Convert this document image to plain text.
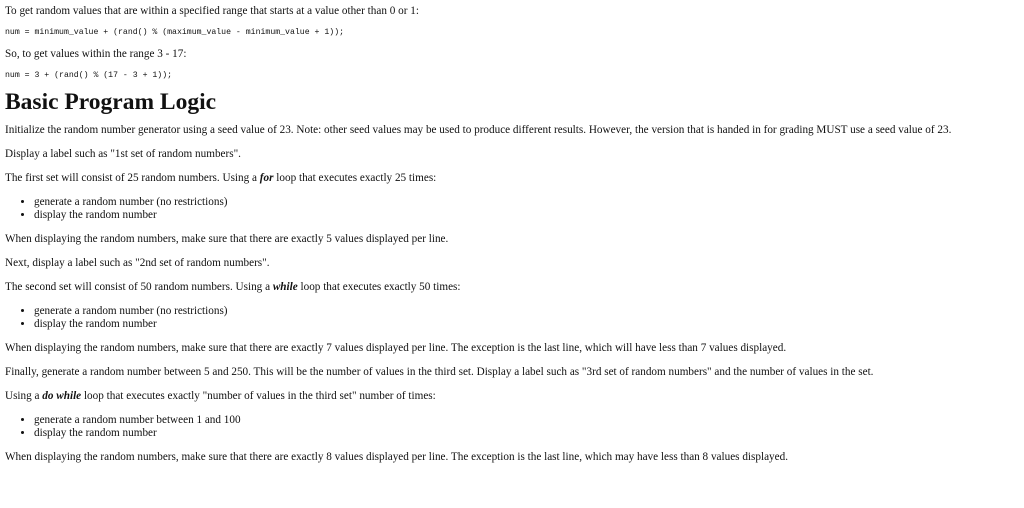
To get random values that are within a specified range that starts at a value other than 0 or 1:

num = minimum_value + (rand() % (maximum_value - minimum_value + 1));

So, to get values within the range 3 - 17:

num = 3 + (rand() % (17 - 3 + 1));
Basic Program Logic

Initialize the random number generator using a seed value of 23. Note: other seed values may be used to produce different results. However, the version that is handed in for grading MUST use a seed value of 23.

Display a label such as "1st set of random numbers".

The first set will consist of 25 random numbers. Using a for loop that executes exactly 25 times:

• generate a random number (no restrictions)
• display the random number

When displaying the random numbers, make sure that there are exactly 5 values displayed per line.

Next, display a label such as "2nd set of random numbers".

The second set will consist of 50 random numbers. Using a while loop that executes exactly 50 times:

• generate a random number (no restrictions)
• display the random number

When displaying the random numbers, make sure that there are exactly 7 values displayed per line. The exception is the last line, which will have less than 7 values displayed.

Finally, generate a random number between 5 and 250. This will be the number of values in the third set. Display a label such as "3rd set of random numbers" and the number of values in the set.

Using a do while loop that executes exactly "number of values in the third set" number of times:

• generate a random number between 1 and 100
• display the random number

When displaying the random numbers, make sure that there are exactly 8 values displayed per line. The exception is the last line, which may have less than 8 values displayed.
